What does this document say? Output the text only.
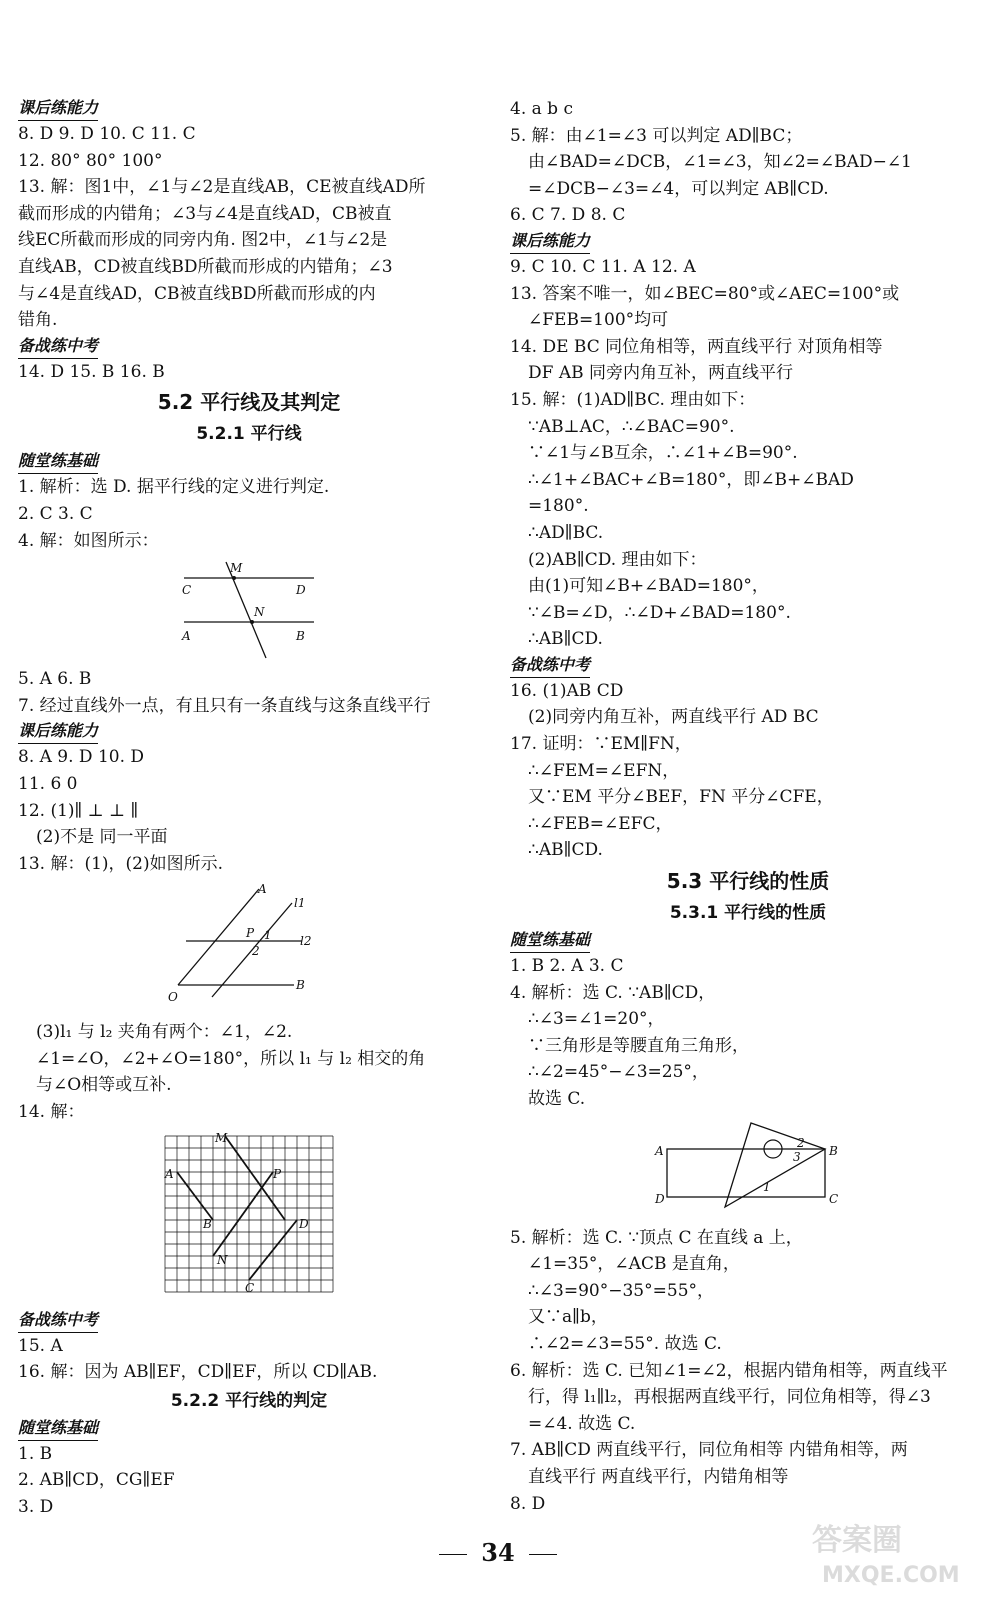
课后练能力
8. D 9. D 10. C 11. C
12. 80° 80° 100°
13. 解：图1中，∠1与∠2是直线AB，CE被直线AD所
截而形成的内错角；∠3与∠4是直线AD，CB被直
线EC所截而形成的同旁内角. 图2中，∠1与∠2是
直线AB，CD被直线BD所截而形成的内错角；∠3
与∠4是直线AD，CB被直线BD所截而形成的内
错角.
备战练中考
14. D 15. B 16. B
5.2 平行线及其判定
5.2.1 平行线
随堂练基础
1. 解析：选 D. 据平行线的定义进行判定.
2. C 3. C
4. 解：如图所示：
M
C	D
N
A	B
5. A 6. B
7. 经过直线外一点，有且只有一条直线与这条直线平行
课后练能力
8. A 9. D 10. D
11. 6 0
12. (1)∥ ⊥ ⊥ ∥
(2)不是 同一平面
13. 解：(1)，(2)如图所示.
A
l1
P 1 l2
2
O
B
(3)l₁ 与 l₂ 夹角有两个：∠1，∠2.
∠1=∠O，∠2+∠O=180°，所以 l₁ 与 l₂ 相交的角
与∠O相等或互补.
14. 解：
M
A	P
B	D
N
C
备战练中考
15. A
16. 解：因为 AB∥EF，CD∥EF，所以 CD∥AB.
5.2.2 平行线的判定
随堂练基础
1. B
2. AB∥CD，CG∥EF
3. D
4. a b c
5. 解：由∠1=∠3 可以判定 AD∥BC；
由∠BAD=∠DCB，∠1=∠3，知∠2=∠BAD−∠1
=∠DCB−∠3=∠4，可以判定 AB∥CD.
6. C 7. D 8. C
课后练能力
9. C 10. C 11. A 12. A
13. 答案不唯一，如∠BEC=80°或∠AEC=100°或
∠FEB=100°均可
14. DE BC 同位角相等，两直线平行 对顶角相等
DF AB 同旁内角互补，两直线平行
15. 解：(1)AD∥BC. 理由如下：
∵AB⊥AC，∴∠BAC=90°.
∵∠1与∠B互余，∴∠1+∠B=90°.
∴∠1+∠BAC+∠B=180°，即∠B+∠BAD
=180°.
∴AD∥BC.
(2)AB∥CD. 理由如下：
由(1)可知∠B+∠BAD=180°，
∵∠B=∠D，∴∠D+∠BAD=180°.
∴AB∥CD.
备战练中考
16. (1)AB CD
(2)同旁内角互补，两直线平行 AD BC
17. 证明：∵EM∥FN，
∴∠FEM=∠EFN，
又∵EM 平分∠BEF，FN 平分∠CFE，
∴∠FEB=∠EFC，
∴AB∥CD.
5.3 平行线的性质
5.3.1 平行线的性质
随堂练基础
1. B 2. A 3. C
4. 解析：选 C. ∵AB∥CD，
∴∠3=∠1=20°，
∵三角形是等腰直角三角形，
∴∠2=45°−∠3=25°，
故选 C.
A
2
3 B
D
1
C
5. 解析：选 C. ∵顶点 C 在直线 a 上，
∠1=35°，∠ACB 是直角，
∴∠3=90°−35°=55°，
又∵a∥b，
∴∠2=∠3=55°. 故选 C.
6. 解析：选 C. 已知∠1=∠2，根据内错角相等，两直线平
行，得 l₁∥l₂，再根据两直线平行，同位角相等，得∠3
=∠4. 故选 C.
7. AB∥CD 两直线平行，同位角相等 内错角相等，两
直线平行 两直线平行，内错角相等
8. D
34	答案圈
MXQE.COM
